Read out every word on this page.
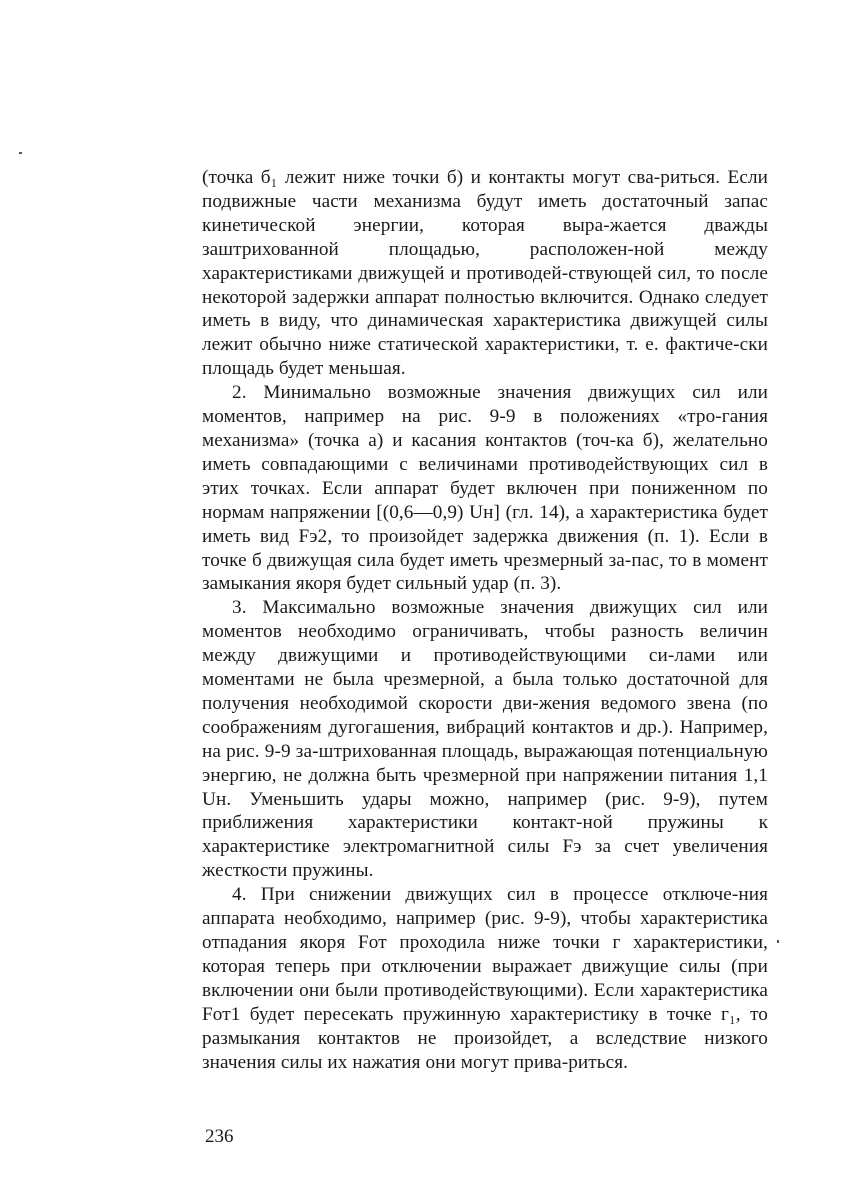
(точка б₁ лежит ниже точки б) и контакты могут сва-риться. Если подвижные части механизма будут иметь достаточный запас кинетической энергии, которая выра-жается дважды заштрихованной площадью, расположен-ной между характеристиками движущей и противодей-ствующей сил, то после некоторой задержки аппарат полностью включится. Однако следует иметь в виду, что динамическая характеристика движущей силы лежит обычно ниже статической характеристики, т. е. фактиче-ски площадь будет меньшая.

2. Минимально возможные значения движущих сил или моментов, например на рис. 9-9 в положениях «тро-гания механизма» (точка а) и касания контактов (точ-ка б), желательно иметь совпадающими с величинами противодействующих сил в этих точках. Если аппарат будет включен при пониженном по нормам напряжении [(0,6—0,9) Uн] (гл. 14), а характеристика будет иметь вид Fэ2, то произойдет задержка движения (п. 1). Если в точке б движущая сила будет иметь чрезмерный за-пас, то в момент замыкания якоря будет сильный удар (п. 3).

3. Максимально возможные значения движущих сил или моментов необходимо ограничивать, чтобы разность величин между движущими и противодействующими си-лами или моментами не была чрезмерной, а была только достаточной для получения необходимой скорости дви-жения ведомого звена (по соображениям дугогашения, вибраций контактов и др.). Например, на рис. 9-9 за-штрихованная площадь, выражающая потенциальную энергию, не должна быть чрезмерной при напряжении питания 1,1 Uн. Уменьшить удары можно, например (рис. 9-9), путем приближения характеристики контакт-ной пружины к характеристике электромагнитной силы Fэ за счет увеличения жесткости пружины.

4. При снижении движущих сил в процессе отключе-ния аппарата необходимо, например (рис. 9-9), чтобы характеристика отпадания якоря Fот проходила ниже точки г характеристики, которая теперь при отключении выражает движущие силы (при включении они были противодействующими). Если характеристика Fот1 будет пересекать пружинную характеристику в точке г₁, то размыкания контактов не произойдет, а вследствие низкого значения силы их нажатия они могут прива-риться.

236
